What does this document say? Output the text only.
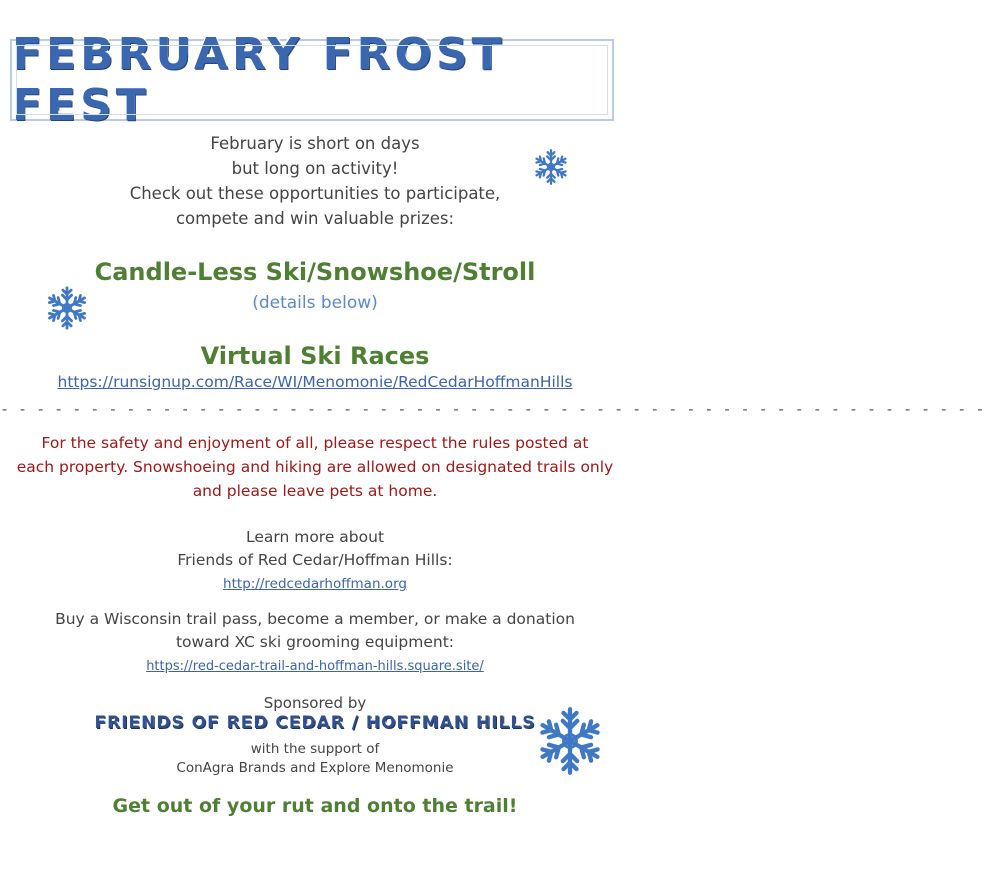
FEBRUARY FROST FEST
February is short on days
but long on activity!
Check out these opportunities to participate,
compete and win valuable prizes:
Candle-Less Ski/Snowshoe/Stroll
(details below)
Virtual Ski Races
https://runsignup.com/Race/WI/Menomonie/RedCedarHoffmanHills
- - - - - - - - - - - - - - - - - - - - - - - - - - - - - - - - - - - - - - - - - - - - - - - - - - - - - - -
For the safety and enjoyment of all, please respect the rules posted at
each property. Snowshoeing and hiking are allowed on designated trails only
and please leave pets at home.
Learn more about
Friends of Red Cedar/Hoffman Hills:
http://redcedarhoffman.org
Buy a Wisconsin trail pass, become a member, or make a donation
toward XC ski grooming equipment:
https://red-cedar-trail-and-hoffman-hills.square.site/
Sponsored by
FRIENDS OF RED CEDAR / HOFFMAN HILLS
with the support of
ConAgra Brands and Explore Menomonie
Get out of your rut and onto the trail!
